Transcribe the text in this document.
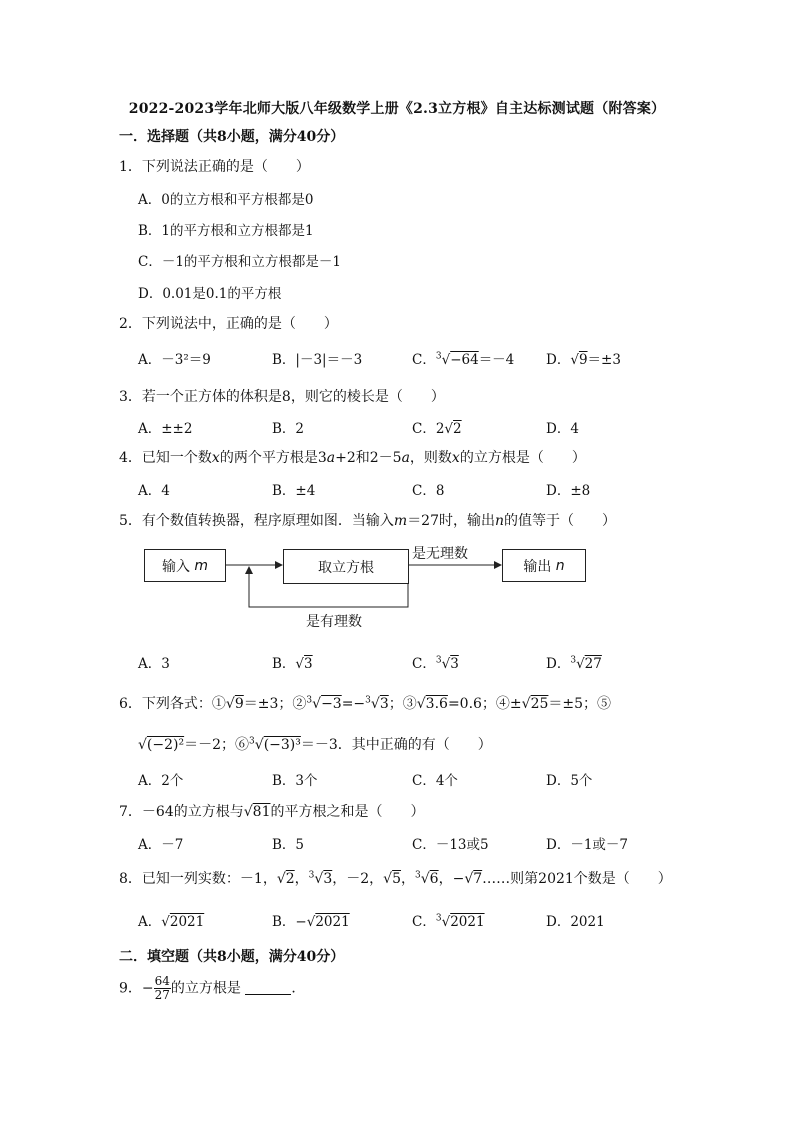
2022-2023学年北师大版八年级数学上册《2.3立方根》自主达标测试题（附答案）
一．选择题（共8小题，满分40分）
1．下列说法正确的是（　　）
A．0的立方根和平方根都是0
B．1的平方根和立方根都是1
C．－1的平方根和立方根都是－1
D．0.01是0.1的平方根
2．下列说法中，正确的是（　　）
A．－3²＝9	B．|－3|＝－3	C．$^3$√−64＝－4 D．√9＝±3
3．若一个正方体的体积是8，则它的棱长是（　　）
A．±±2	B．2	C．2√2	D．4
4．已知一个数x的两个平方根是3a+2和2－5a，则数x的立方根是（　　）
A．4	B．±4	C．8	D．±8
5．有个数值转换器，程序原理如图．当输入m＝27时，输出n的值等于（　　）
输入
m	取立方根	输出
n
是无理数
是有理数
A．3	B．√3	C．$^3$√3	D．$^3$√27
6．下列各式：①√9＝±3；②$^3$√−3=−$^3$√3；③√3.6=0.6；④±√25＝±5；⑤
√(−2)²＝－2；⑥$^3$√(−3)³＝－3．其中正确的有（　　）
A．2个	B．3个	C．4个	D．5个
7．－64的立方根与√81的平方根之和是（　　）
A．－7	B．5	C．－13或5	D．－1或－7
8．已知一列实数：－1，√2，$^3$√3，－2，√5，$^3$√6，−√7……则第2021个数是（　　）
A．√2021	B．−√2021	C．$^3$√2021	D．2021
二．填空题（共8小题，满分40分）
9．− $\frac{64}{27}$ 的立方根是	．
